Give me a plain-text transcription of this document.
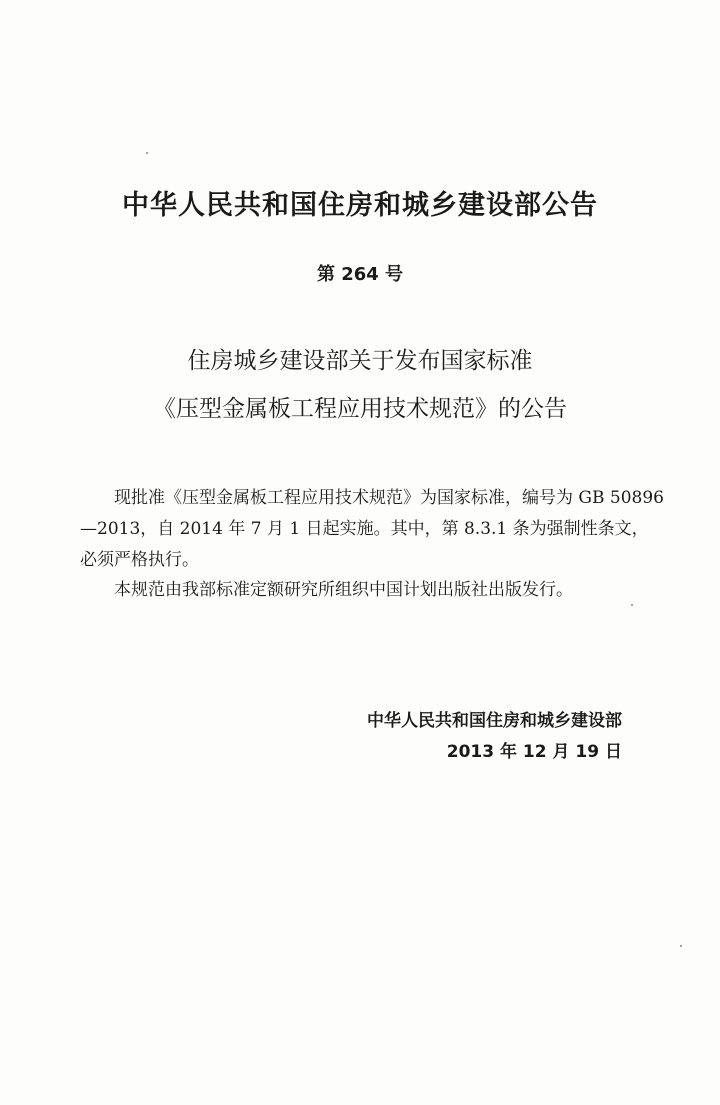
中华人民共和国住房和城乡建设部公告
第 264 号
住房城乡建设部关于发布国家标准
《压型金属板工程应用技术规范》的公告
现批准《压型金属板工程应用技术规范》为国家标准，编号为 GB 50896—2013，自 2014 年 7 月 1 日起实施。其中，第 8.3.1 条为强制性条文，必须严格执行。
本规范由我部标准定额研究所组织中国计划出版社出版发行。
中华人民共和国住房和城乡建设部
2013 年 12 月 19 日
